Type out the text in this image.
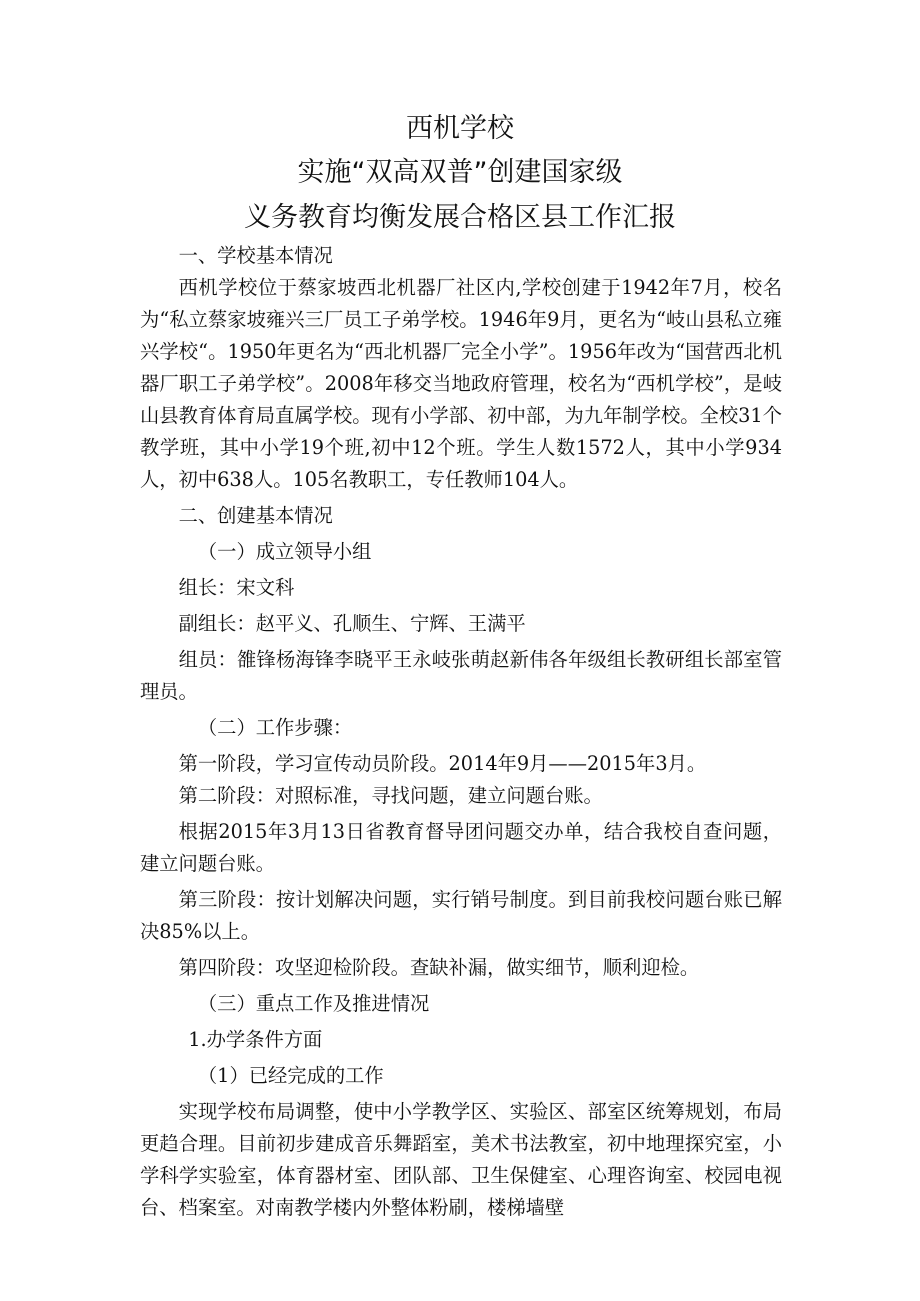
西机学校
实施“双高双普”创建国家级
义务教育均衡发展合格区县工作汇报

一、学校基本情况

西机学校位于蔡家坡西北机器厂社区内,学校创建于1942年7月，校名为“私立蔡家坡雍兴三厂员工子弟学校。1946年9月，更名为“岐山县私立雍兴学校“。1950年更名为“西北机器厂完全小学”。1956年改为“国营西北机器厂职工子弟学校”。2008年移交当地政府管理，校名为“西机学校”，是岐山县教育体育局直属学校。现有小学部、初中部，为九年制学校。全校31个教学班，其中小学19个班,初中12个班。学生人数1572人，其中小学934人，初中638人。105名教职工，专任教师104人。

二、创建基本情况

（一）成立领导小组

组长：宋文科

副组长：赵平义、孔顺生、宁辉、王满平

组员：雒锋杨海锋李晓平王永岐张萌赵新伟各年级组长教研组长部室管理员。

（二）工作步骤：

第一阶段，学习宣传动员阶段。2014年9月——2015年3月。

第二阶段：对照标准，寻找问题，建立问题台账。

根据2015年3月13日省教育督导团问题交办单，结合我校自查问题，建立问题台账。

第三阶段：按计划解决问题，实行销号制度。到目前我校问题台账已解决85%以上。

第四阶段：攻坚迎检阶段。查缺补漏，做实细节，顺利迎检。

（三）重点工作及推进情况

1.办学条件方面

（1）已经完成的工作

实现学校布局调整，使中小学教学区、实验区、部室区统筹规划，布局更趋合理。目前初步建成音乐舞蹈室，美术书法教室，初中地理探究室，小学科学实验室，体育器材室、团队部、卫生保健室、心理咨询室、校园电视台、档案室。对南教学楼内外整体粉刷，楼梯墙壁
